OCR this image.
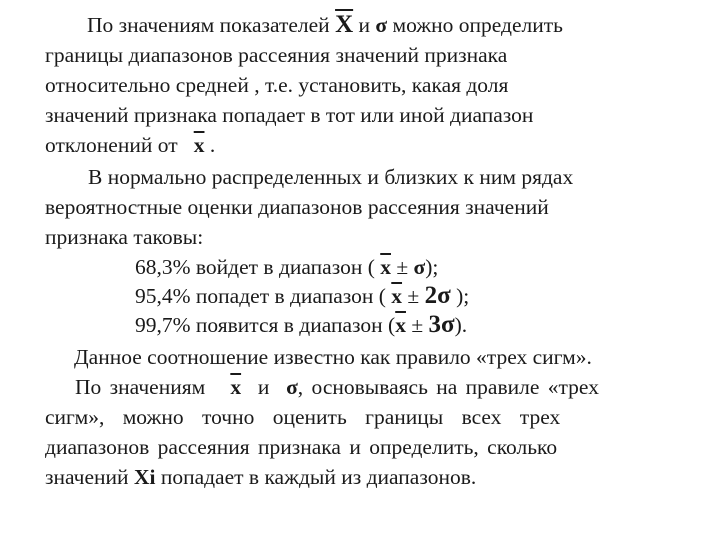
По значениям показателей $\overline{X}$ и σ можно определить
границы диапазонов рассеяния значений признака
относительно средней , т.е. установить, какая доля
значений признака попадает в тот или иной диапазон
отклонений от $\overline{x}$ .
В нормально распределенных и близких к ним рядах
вероятностные оценки диапазонов рассеяния значений
признака таковы:
68,3% войдет в диапазон ( $\overline{x} \pm \sigma$);
95,4% попадет в диапазон ( $\overline{x} \pm 2\sigma$ );
99,7% появится в диапазон $(\overline{x} \pm 3\sigma)$.
Данное соотношение известно как правило «трех сигм».
По значениям $\overline{x}$ и σ, основываясь на правиле «трех
сигм», можно точно оценить границы всех трех
диапазонов рассеяния признака и определить, сколько
значений Xi попадает в каждый из диапазонов.
